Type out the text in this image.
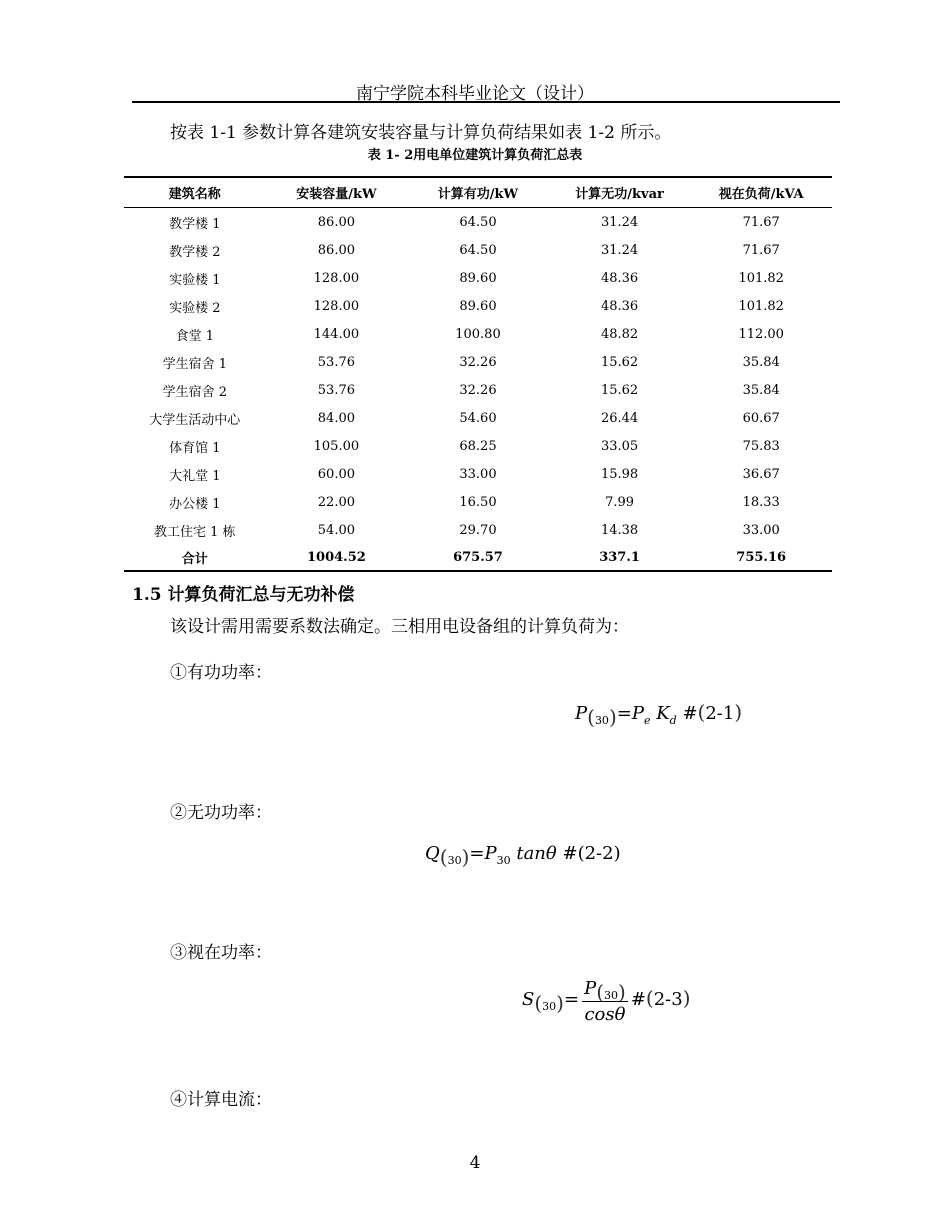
南宁学院本科毕业论文（设计）
按表 1-1 参数计算各建筑安装容量与计算负荷结果如表 1-2 所示。
表 1- 2用电单位建筑计算负荷汇总表
建筑名称	安装容量/kW	计算有功/kW	计算无功/kvar	视在负荷/kVA
教学楼 1	86.00	64.50	31.24	71.67
教学楼 2	86.00	64.50	31.24	71.67
实验楼 1	128.00	89.60	48.36	101.82
实验楼 2	128.00	89.60	48.36	101.82
食堂 1	144.00	100.80	48.82	112.00
学生宿舍 1	53.76	32.26	15.62	35.84
学生宿舍 2	53.76	32.26	15.62	35.84
大学生活动中心	84.00	54.60	26.44	60.67
体育馆 1	105.00	68.25	33.05	75.83
大礼堂 1	60.00	33.00	15.98	36.67
办公楼 1	22.00	16.50	7.99	18.33
教工住宅 1 栋	54.00	29.70	14.38	33.00
合计	1004.52	675.57	337.1	755.16
1.5 计算负荷汇总与无功补偿
该设计需用需要系数法确定。三相用电设备组的计算负荷为：
①有功功率：
$P_{(30)}=P_e$ $K_d$ #(2-1)
②无功功率：
$Q_{(30)}=P_{30}$ tanθ #(2-2)
③视在功率：
$S_{(30)}= \frac{P_{(30)}}{\cos\theta}$ #(2-3)
④计算电流：
4
